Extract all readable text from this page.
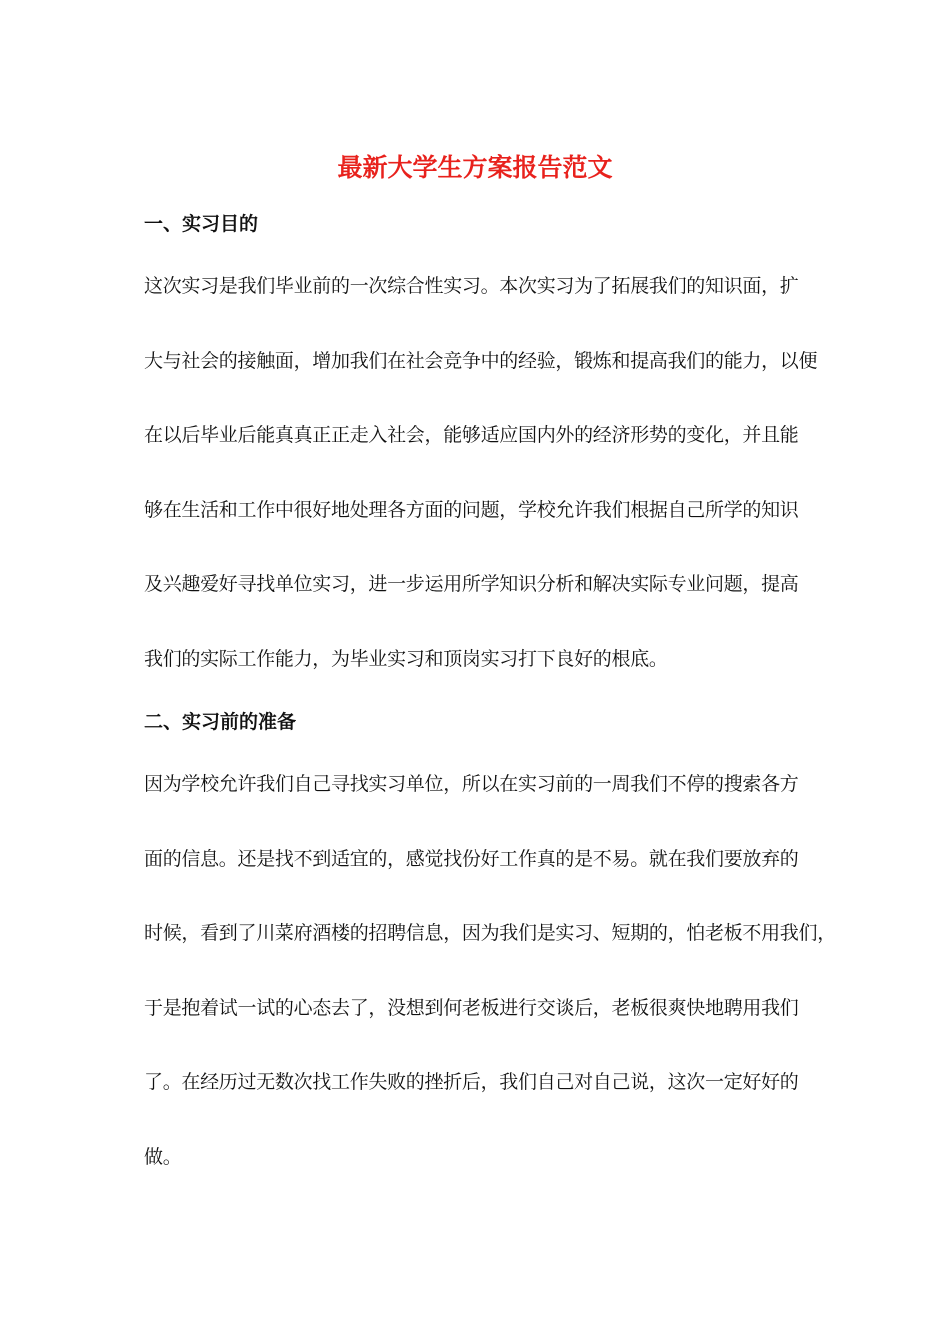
最新大学生方案报告范文
一、实习目的
这次实习是我们毕业前的一次综合性实习。本次实习为了拓展我们的知识面，扩
大与社会的接触面，增加我们在社会竞争中的经验，锻炼和提高我们的能力，以便
在以后毕业后能真真正正走入社会，能够适应国内外的经济形势的变化，并且能
够在生活和工作中很好地处理各方面的问题，学校允许我们根据自己所学的知识
及兴趣爱好寻找单位实习，进一步运用所学知识分析和解决实际专业问题，提高
我们的实际工作能力，为毕业实习和顶岗实习打下良好的根底。
二、实习前的准备
因为学校允许我们自己寻找实习单位，所以在实习前的一周我们不停的搜索各方
面的信息。还是找不到适宜的，感觉找份好工作真的是不易。就在我们要放弃的
时候，看到了川菜府酒楼的招聘信息，因为我们是实习、短期的，怕老板不用我们，
于是抱着试一试的心态去了，没想到何老板进行交谈后，老板很爽快地聘用我们
了。在经历过无数次找工作失败的挫折后，我们自己对自己说，这次一定好好的
做。
